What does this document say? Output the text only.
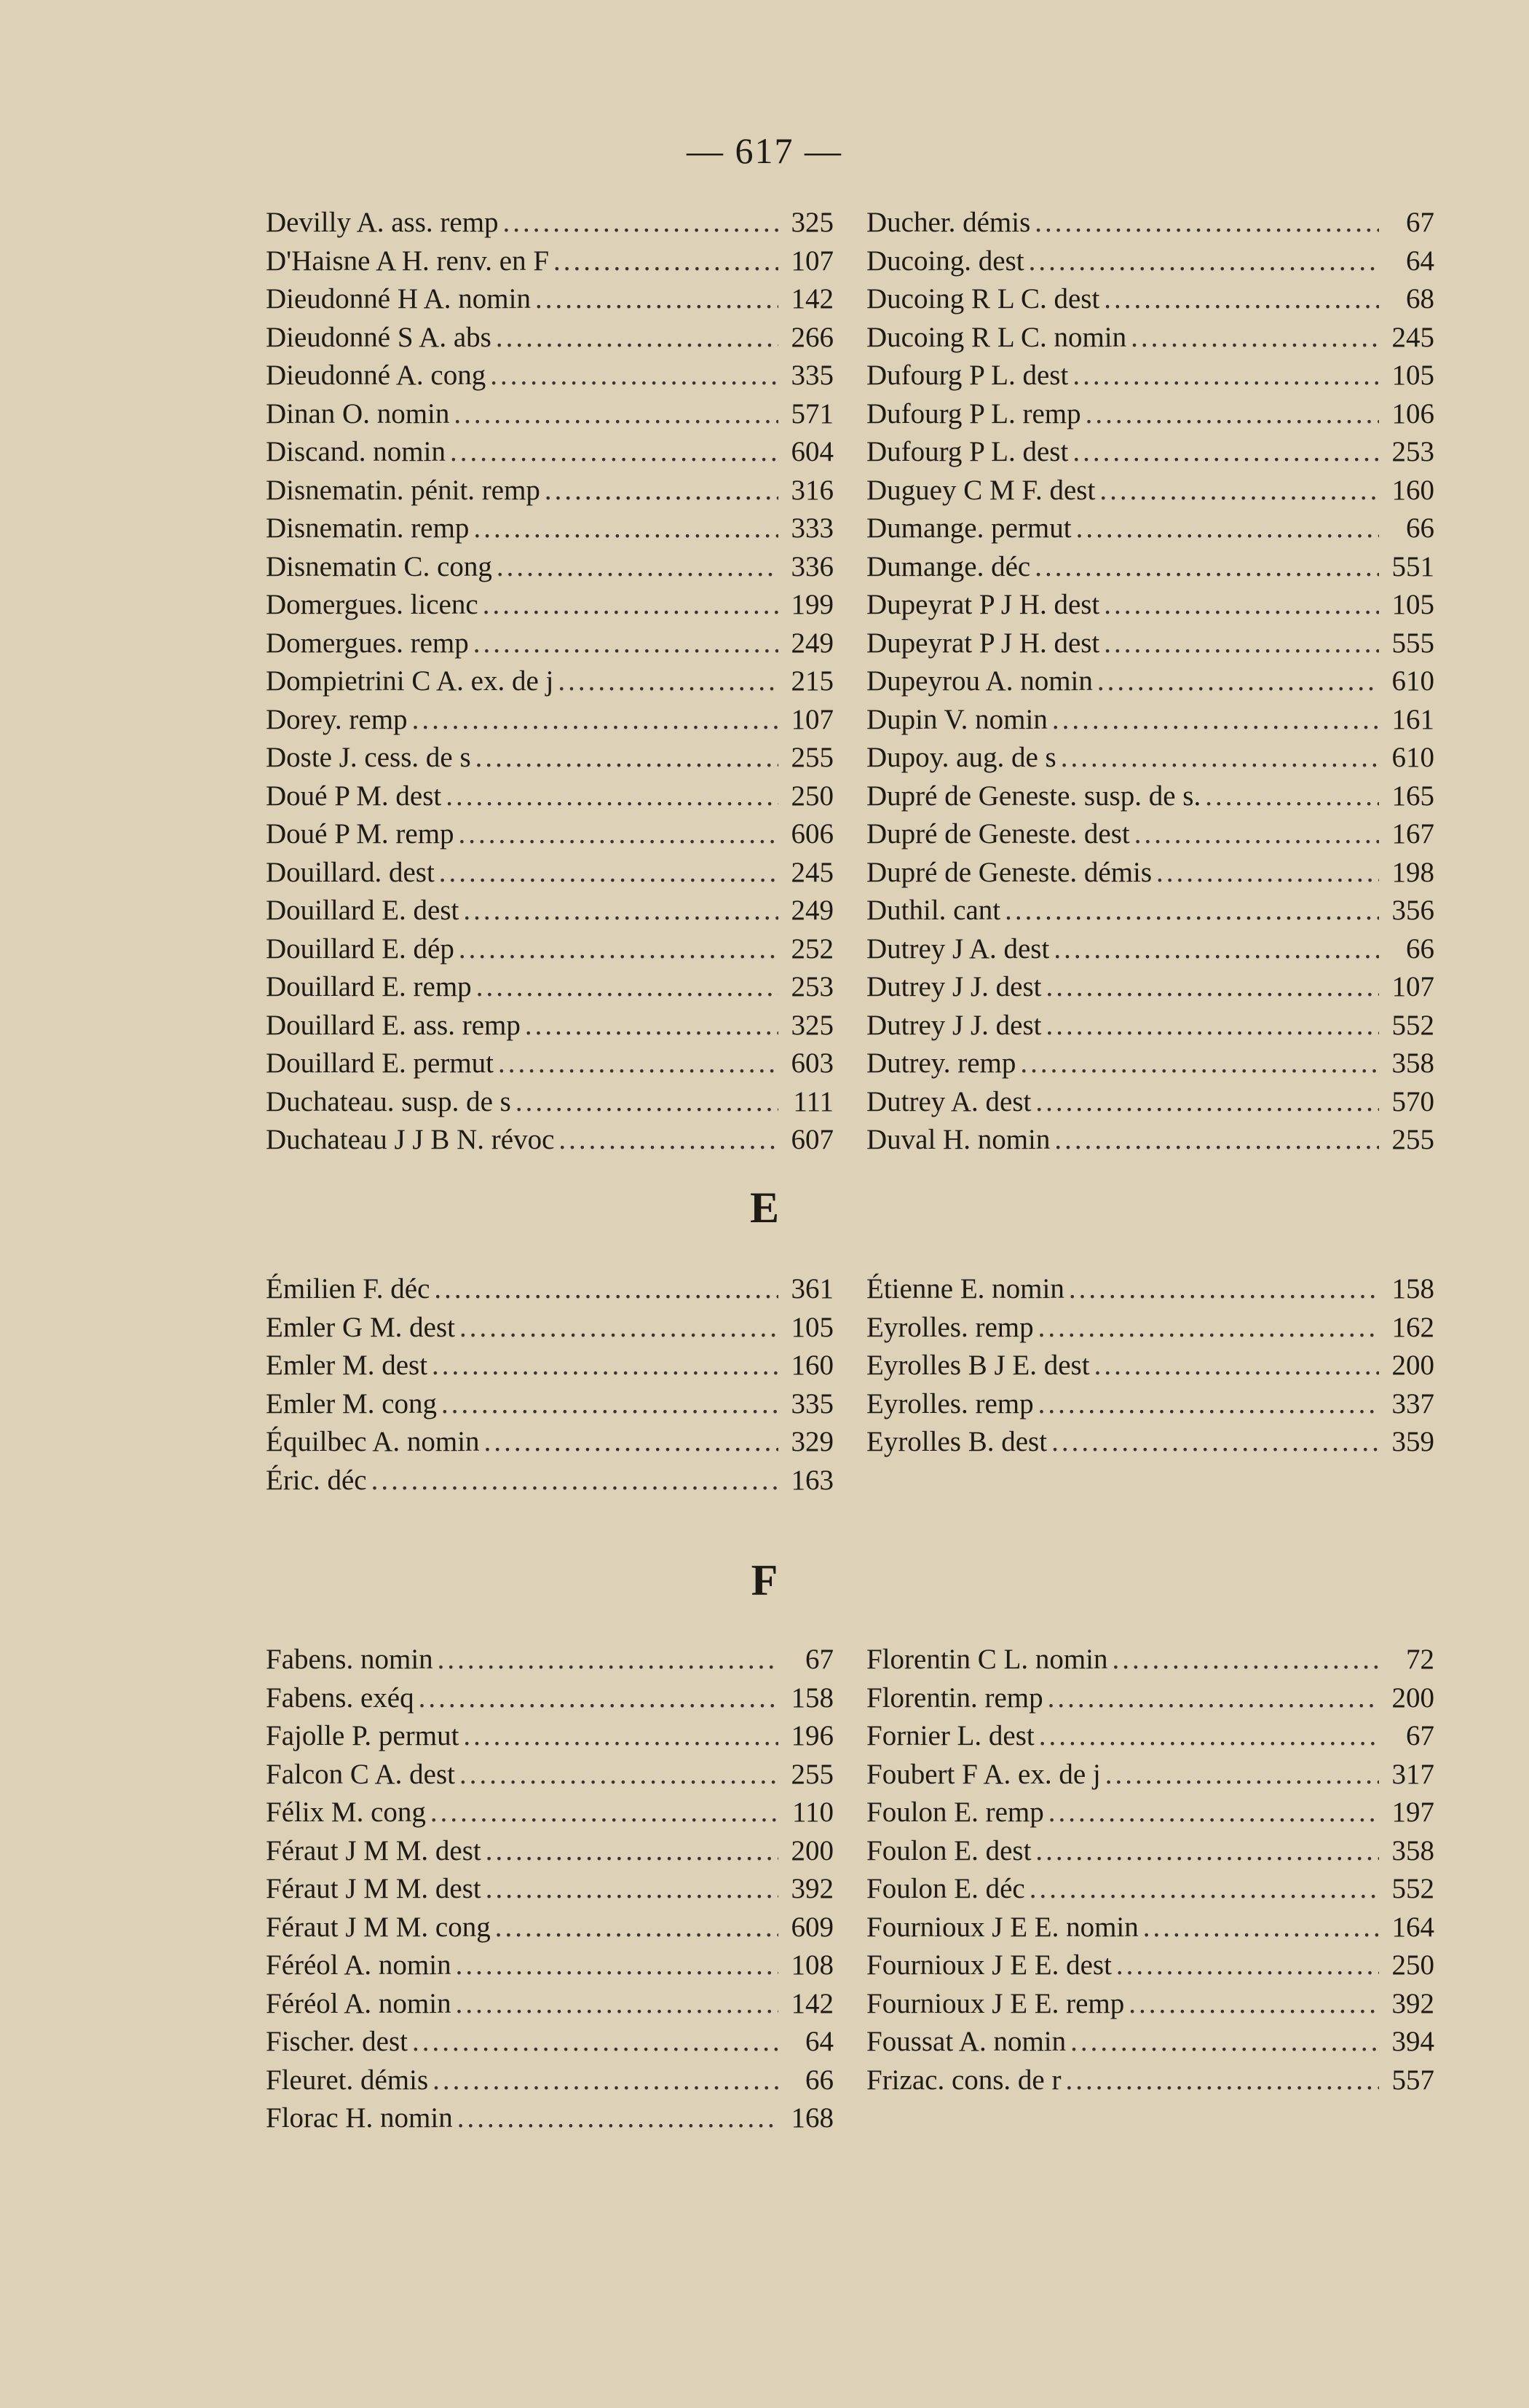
— 617 —
Devilly A. ass. remp .....	325
D'Haisne A H. renv. en F .....	107
Dieudonné H A. nomin .....	142
Dieudonné S A. abs .....	266
Dieudonné A. cong .....	335
Dinan O. nomin .....	571
Discand. nomin .....	604
Disnematin. pénit. remp .....	316
Disnematin. remp .....	333
Disnematin C. cong .....	336
Domergues. licenc .....	199
Domergues. remp .....	249
Dompietrini C A. ex. de j .....	215
Dorey. remp .....	107
Doste J. cess. de s .....	255
Doué P M. dest .....	250
Doué P M. remp .....	606
Douillard. dest .....	245
Douillard E. dest .....	249
Douillard E. dép .....	252
Douillard E. remp .....	253
Douillard E. ass. remp .....	325
Douillard E. permut .....	603
Duchateau. susp. de s .....	111
Duchateau J J B N. révoc .....	607
Ducher. démis .....	67
Ducoing. dest .....	64
Ducoing R L C. dest .....	68
Ducoing R L C. nomin .....	245
Dufourg P L. dest .....	105
Dufourg P L. remp .....	106
Dufourg P L. dest .....	253
Duguey C M F. dest .....	160
Dumange. permut .....	66
Dumange. déc .....	551
Dupeyrat P J H. dest .....	105
Dupeyrat P J H. dest .....	555
Dupeyrou A. nomin .....	610
Dupin V. nomin .....	161
Dupoy. aug. de s .....	610
Dupré de Geneste. susp. de s. .....	165
Dupré de Geneste. dest .....	167
Dupré de Geneste. démis .....	198
Duthil. cant .....	356
Dutrey J A. dest .....	66
Dutrey J J. dest .....	107
Dutrey J J. dest .....	552
Dutrey. remp .....	358
Dutrey A. dest .....	570
Duval H. nomin .....	255
E
Émilien F. déc .....	361
Emler G M. dest .....	105
Emler M. dest .....	160
Emler M. cong .....	335
Équilbec A. nomin .....	329
Éric. déc .....	163
Étienne E. nomin .....	158
Eyrolles. remp .....	162
Eyrolles B J E. dest .....	200
Eyrolles. remp .....	337
Eyrolles B. dest .....	359
F
Fabens. nomin .....	67
Fabens. exéq .....	158
Fajolle P. permut .....	196
Falcon C A. dest .....	255
Félix M. cong .....	110
Féraut J M M. dest .....	200
Féraut J M M. dest .....	392
Féraut J M M. cong .....	609
Féréol A. nomin .....	108
Féréol A. nomin .....	142
Fischer. dest .....	64
Fleuret. démis .....	66
Florac H. nomin .....	168
Florentin C L. nomin .....	72
Florentin. remp .....	200
Fornier L. dest .....	67
Foubert F A. ex. de j .....	317
Foulon E. remp .....	197
Foulon E. dest .....	358
Foulon E. déc .....	552
Fournioux J E E. nomin .....	164
Fournioux J E E. dest .....	250
Fournioux J E E. remp .....	392
Foussat A. nomin .....	394
Frizac. cons. de r .....	557
